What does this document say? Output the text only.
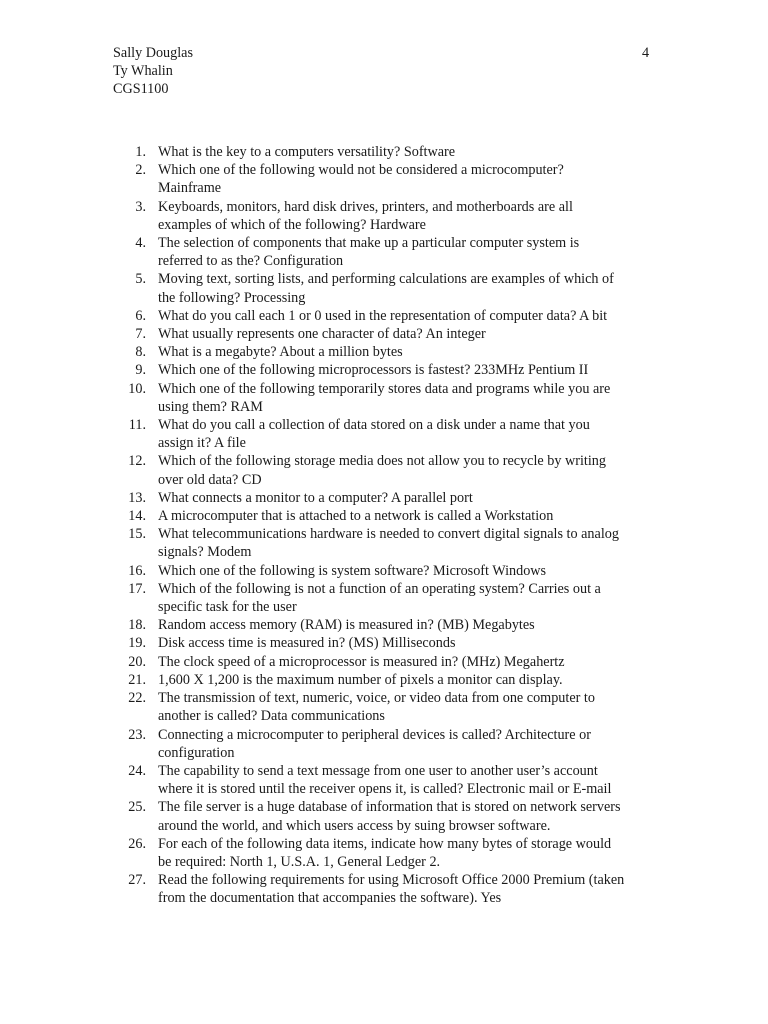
Sally Douglas
Ty Whalin
CGS1100
4
1. What is the key to a computers versatility? Software
2. Which one of the following would not be considered a microcomputer?
Mainframe
3. Keyboards, monitors, hard disk drives, printers, and motherboards are all
examples of which of the following? Hardware
4. The selection of components that make up a particular computer system is
referred to as the? Configuration
5. Moving text, sorting lists, and performing calculations are examples of which of
the following? Processing
6. What do you call each 1 or 0 used in the representation of computer data? A bit
7. What usually represents one character of data? An integer
8. What is a megabyte? About a million bytes
9. Which one of the following microprocessors is fastest? 233MHz Pentium II
10. Which one of the following temporarily stores data and programs while you are
using them? RAM
11. What do you call a collection of data stored on a disk under a name that you
assign it? A file
12. Which of the following storage media does not allow you to recycle by writing
over old data? CD
13. What connects a monitor to a computer? A parallel port
14. A microcomputer that is attached to a network is called a Workstation
15. What telecommunications hardware is needed to convert digital signals to analog
signals? Modem
16. Which one of the following is system software? Microsoft Windows
17. Which of the following is not a function of an operating system? Carries out a
specific task for the user
18. Random access memory (RAM) is measured in? (MB) Megabytes
19. Disk access time is measured in? (MS) Milliseconds
20. The clock speed of a microprocessor is measured in? (MHz) Megahertz
21. 1,600 X 1,200 is the maximum number of pixels a monitor can display.
22. The transmission of text, numeric, voice, or video data from one computer to
another is called? Data communications
23. Connecting a microcomputer to peripheral devices is called? Architecture or
configuration
24. The capability to send a text message from one user to another user’s account
where it is stored until the receiver opens it, is called? Electronic mail or E-mail
25. The file server is a huge database of information that is stored on network servers
around the world, and which users access by suing browser software.
26. For each of the following data items, indicate how many bytes of storage would
be required: North 1, U.S.A. 1, General Ledger 2.
27. Read the following requirements for using Microsoft Office 2000 Premium (taken
from the documentation that accompanies the software). Yes
